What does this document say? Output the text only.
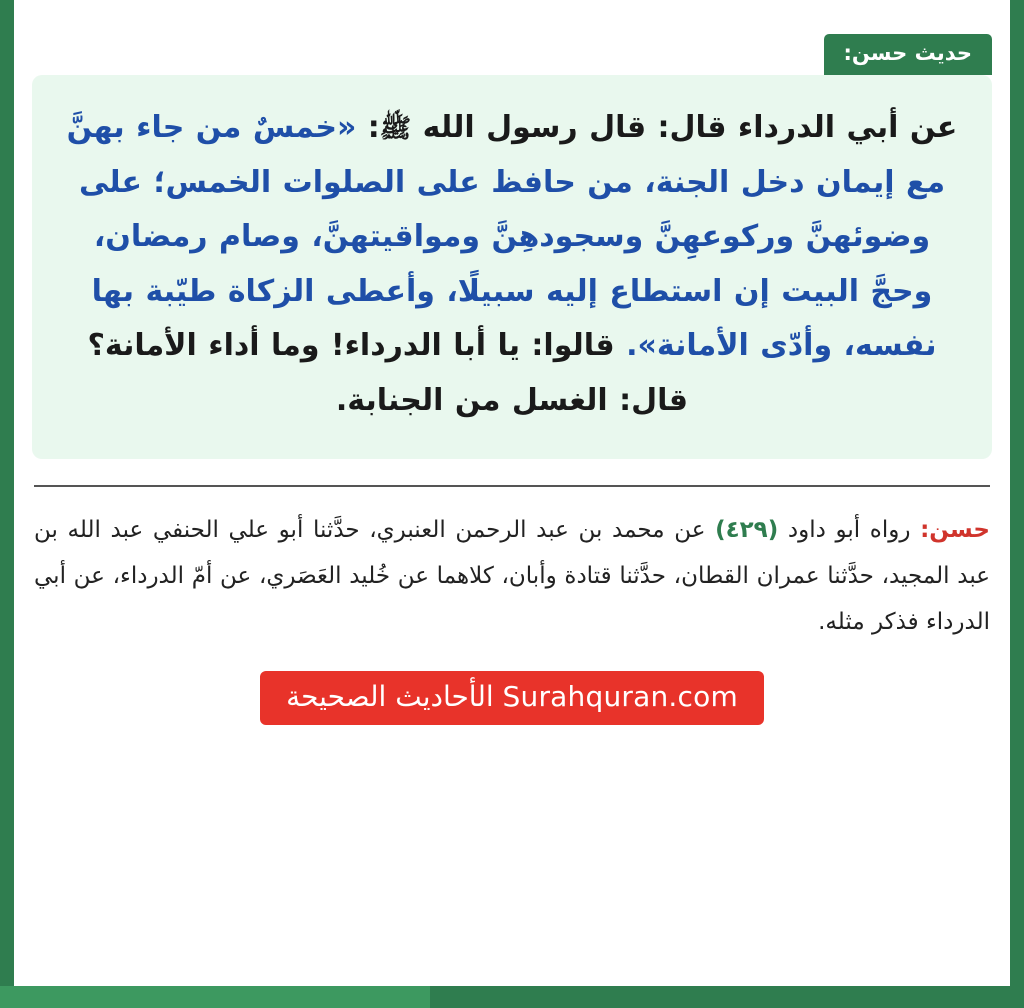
حديث حسن:

عن أبي الدرداء قال: قال رسول الله ﷺ: «خمسٌ من جاء بهنَّ مع إيمان دخل الجنة، من حافظ على الصلوات الخمس؛ على وضوئهنَّ وركوعهِنَّ وسجودهِنَّ ومواقيتهنَّ، وصام رمضان، وحجَّ البيت إن استطاع إليه سبيلًا، وأعطى الزكاة طيّبة بها نفسه، وأدّى الأمانة». قالوا: يا أبا الدرداء! وما أداء الأمانة؟ قال: الغسل من الجنابة.

حسن: رواه أبو داود (٤٢٩) عن محمد بن عبد الرحمن العنبري، حدَّثنا أبو علي الحنفي عبد الله بن عبد المجيد، حدَّثنا عمران القطان، حدَّثنا قتادة وأبان، كلاهما عن خُليد العَصَري، عن أمّ الدرداء، عن أبي الدرداء فذكر مثله.

Surahquran.com الأحاديث الصحيحة
